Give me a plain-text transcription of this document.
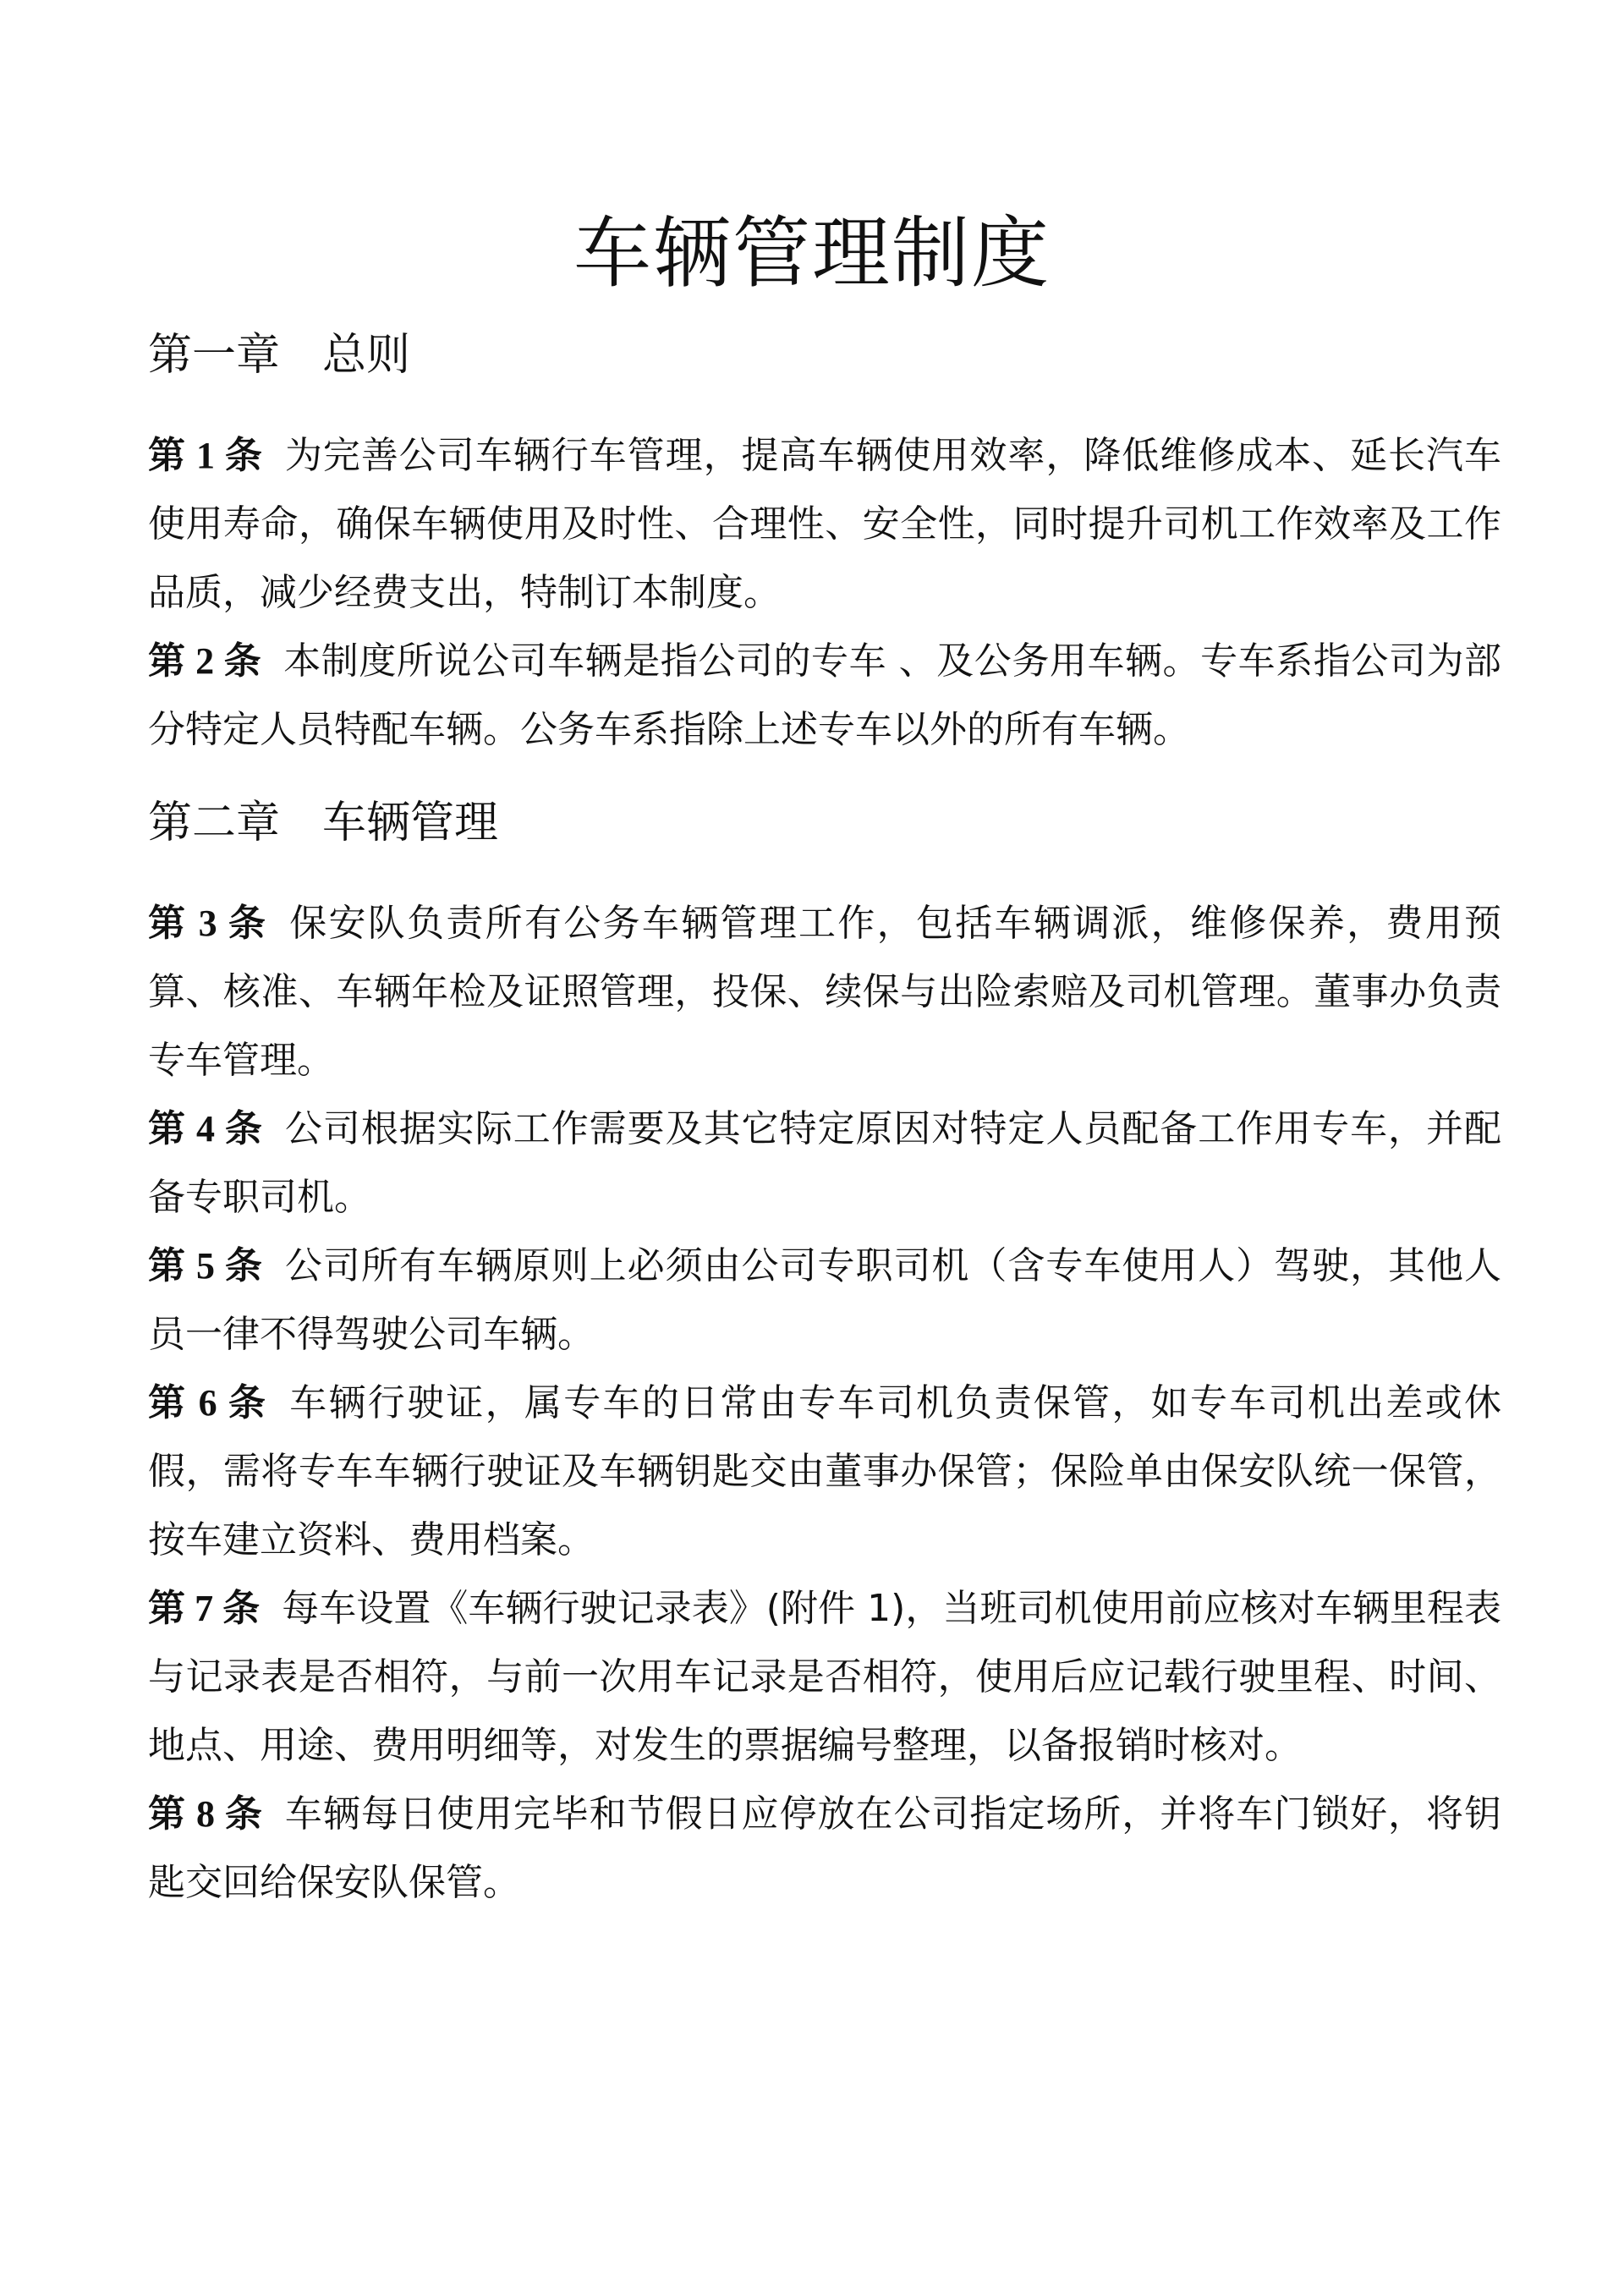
车辆管理制度
第一章 总则

第 1 条 为完善公司车辆行车管理，提高车辆使用效率，降低维修成本、延长汽车使用寿命，确保车辆使用及时性、合理性、安全性，同时提升司机工作效率及工作品质，减少经费支出，特制订本制度。

第 2 条 本制度所说公司车辆是指公司的专车 、及公务用车辆。专车系指公司为部分特定人员特配车辆。公务车系指除上述专车以外的所有车辆。

第二章 车辆管理

第 3 条 保安队负责所有公务车辆管理工作，包括车辆调派，维修保养，费用预算、核准、车辆年检及证照管理，投保、续保与出险索赔及司机管理。董事办负责专车管理。

第 4 条 公司根据实际工作需要及其它特定原因对特定人员配备工作用专车，并配备专职司机。

第 5 条 公司所有车辆原则上必须由公司专职司机（含专车使用人）驾驶，其他人员一律不得驾驶公司车辆。

第 6 条 车辆行驶证，属专车的日常由专车司机负责保管，如专车司机出差或休假，需将专车车辆行驶证及车辆钥匙交由董事办保管；保险单由保安队统一保管，按车建立资料、费用档案。

第 7 条 每车设置《车辆行驶记录表》(附件 1)，当班司机使用前应核对车辆里程表与记录表是否相符，与前一次用车记录是否相符，使用后应记载行驶里程、时间、地点、用途、费用明细等，对发生的票据编号整理，以备报销时核对。

第 8 条 车辆每日使用完毕和节假日应停放在公司指定场所，并将车门锁好，将钥匙交回给保安队保管。
